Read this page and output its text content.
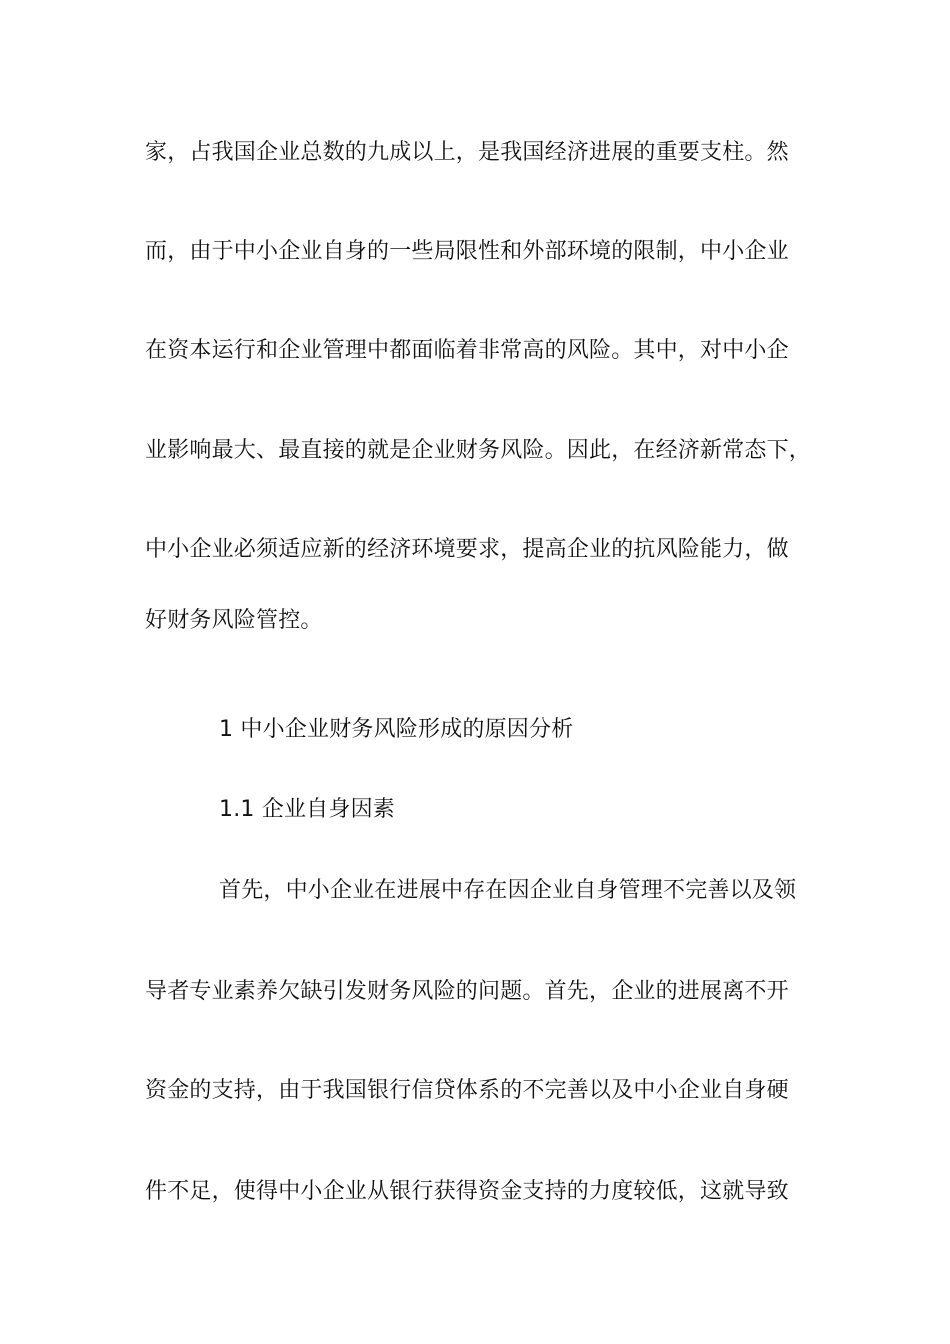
家，占我国企业总数的九成以上，是我国经济进展的重要支柱。然
而，由于中小企业自身的一些局限性和外部环境的限制，中小企业
在资本运行和企业管理中都面临着非常高的风险。其中，对中小企
业影响最大、最直接的就是企业财务风险。因此，在经济新常态下，
中小企业必须适应新的经济环境要求，提高企业的抗风险能力，做
好财务风险管控。
1 中小企业财务风险形成的原因分析
1.1 企业自身因素
首先，中小企业在进展中存在因企业自身管理不完善以及领
导者专业素养欠缺引发财务风险的问题。首先，企业的进展离不开
资金的支持，由于我国银行信贷体系的不完善以及中小企业自身硬
件不足，使得中小企业从银行获得资金支持的力度较低，这就导致
